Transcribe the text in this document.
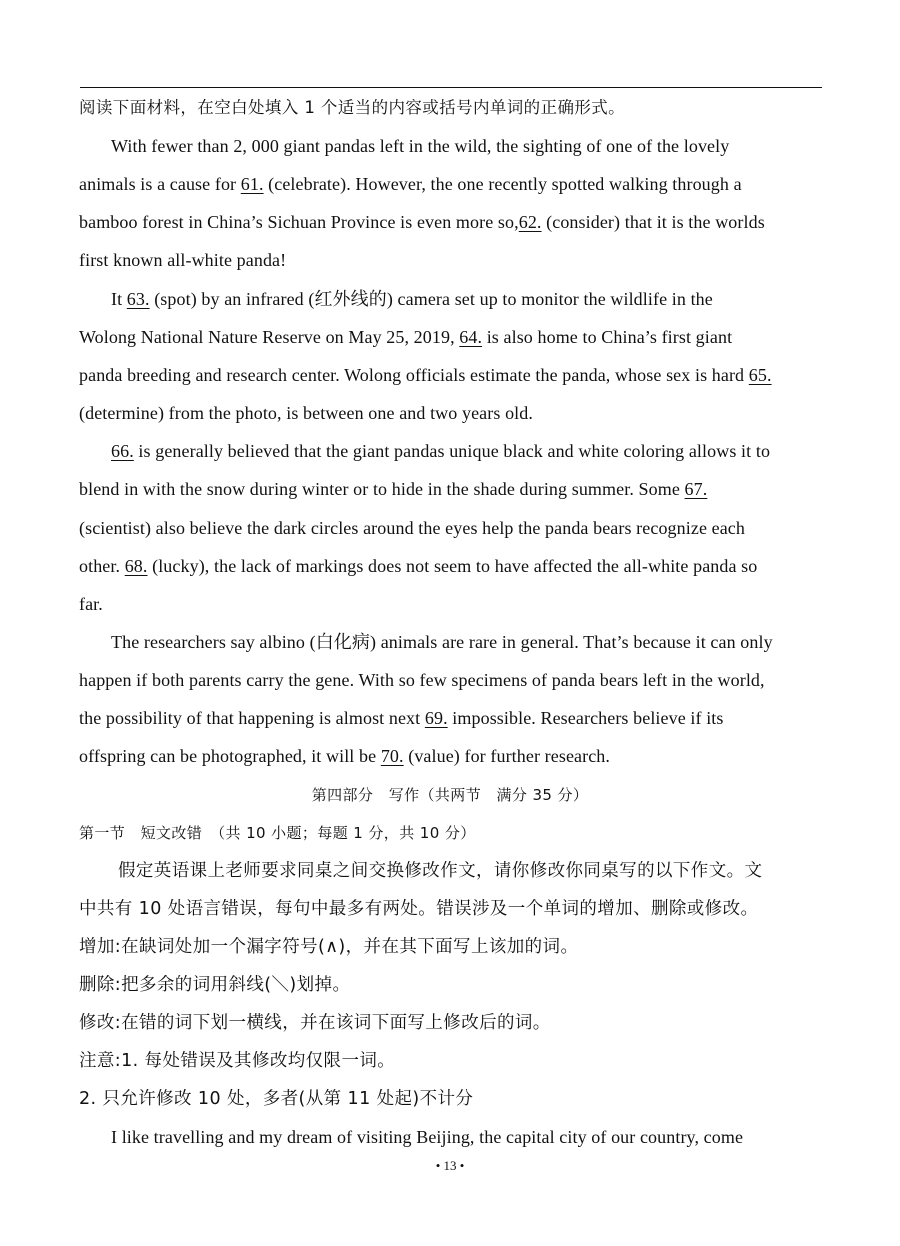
阅读下面材料，在空白处填入 1 个适当的内容或括号内单词的正确形式。
With fewer than 2, 000 giant pandas left in the wild, the sighting of one of the lovely
animals is a cause for 61. (celebrate). However, the one recently spotted walking through a
bamboo forest in China’s Sichuan Province is even more so,62. (consider) that it is the worlds
first known all-white panda!
It 63. (spot) by an infrared (红外线的) camera set up to monitor the wildlife in the
Wolong National Nature Reserve on May 25, 2019, 64. is also home to China’s first giant
panda breeding and research center. Wolong officials estimate the panda, whose sex is hard 65.
(determine) from the photo, is between one and two years old.
66. is generally believed that the giant pandas unique black and white coloring allows it to
blend in with the snow during winter or to hide in the shade during summer. Some 67.
(scientist) also believe the dark circles around the eyes help the panda bears recognize each
other. 68. (lucky), the lack of markings does not seem to have affected the all-white panda so
far.
The researchers say albino (白化病) animals are rare in general. That’s because it can only
happen if both parents carry the gene. With so few specimens of panda bears left in the world,
the possibility of that happening is almost next 69. impossible. Researchers believe if its
offspring can be photographed, it will be 70. (value) for further research.
第四部分　写作（共两节　满分 35 分）
第一节　短文改错　（共 10 小题；每题 1 分，共 10 分）
假定英语课上老师要求同桌之间交换修改作文，请你修改你同桌写的以下作文。文
中共有 10 处语言错误，每句中最多有两处。错误涉及一个单词的增加、删除或修改。
增加:在缺词处加一个漏字符号(∧)，并在其下面写上该加的词。
删除:把多余的词用斜线(＼)划掉。
修改:在错的词下划一横线，并在该词下面写上修改后的词。
注意:1. 每处错误及其修改均仅限一词。
2. 只允许修改 10 处，多者(从第 11 处起)不计分
I like travelling and my dream of visiting Beijing, the capital city of our country, come
• 13 •
